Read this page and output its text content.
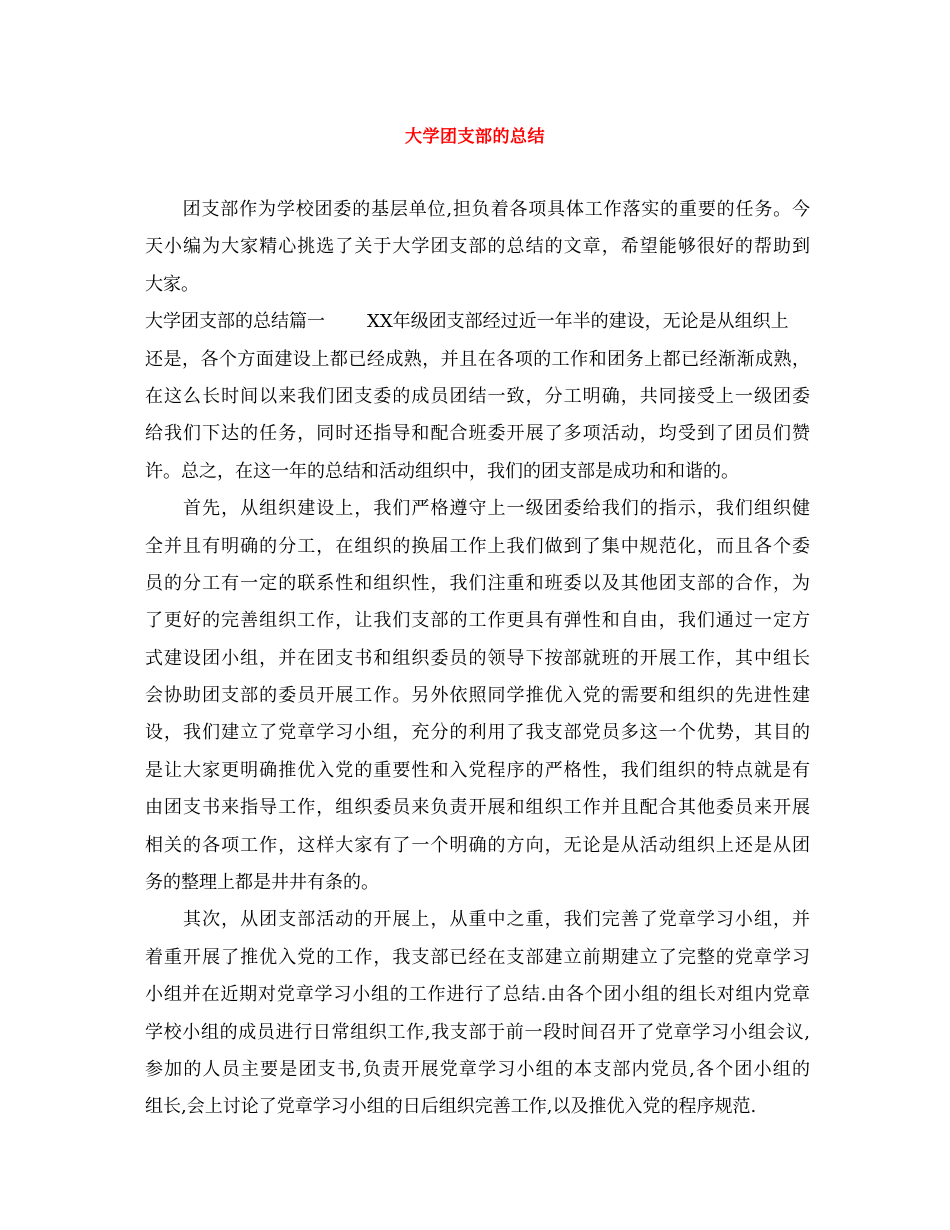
大学团支部的总结
　　团支部作为学校团委的基层单位,担负着各项具体工作落实的重要的任务。今
天小编为大家精心挑选了关于大学团支部的总结的文章，希望能够很好的帮助到
大家。
大学团支部的总结篇一 XX年级团支部经过近一年半的建设，无论是从组织上
还是，各个方面建设上都已经成熟，并且在各项的工作和团务上都已经渐渐成熟，
在这么长时间以来我们团支委的成员团结一致，分工明确，共同接受上一级团委
给我们下达的任务，同时还指导和配合班委开展了多项活动，均受到了团员们赞
许。总之，在这一年的总结和活动组织中，我们的团支部是成功和和谐的。
　　首先，从组织建设上，我们严格遵守上一级团委给我们的指示，我们组织健
全并且有明确的分工，在组织的换届工作上我们做到了集中规范化，而且各个委
员的分工有一定的联系性和组织性，我们注重和班委以及其他团支部的合作，为
了更好的完善组织工作，让我们支部的工作更具有弹性和自由，我们通过一定方
式建设团小组，并在团支书和组织委员的领导下按部就班的开展工作，其中组长
会协助团支部的委员开展工作。另外依照同学推优入党的需要和组织的先进性建
设，我们建立了党章学习小组，充分的利用了我支部党员多这一个优势，其目的
是让大家更明确推优入党的重要性和入党程序的严格性，我们组织的特点就是有
由团支书来指导工作，组织委员来负责开展和组织工作并且配合其他委员来开展
相关的各项工作，这样大家有了一个明确的方向，无论是从活动组织上还是从团
务的整理上都是井井有条的。
　　其次，从团支部活动的开展上，从重中之重，我们完善了党章学习小组，并
着重开展了推优入党的工作，我支部已经在支部建立前期建立了完整的党章学习
小组并在近期对党章学习小组的工作进行了总结.由各个团小组的组长对组内党章
学校小组的成员进行日常组织工作,我支部于前一段时间召开了党章学习小组会议,
参加的人员主要是团支书,负责开展党章学习小组的本支部内党员,各个团小组的
组长,会上讨论了党章学习小组的日后组织完善工作,以及推优入党的程序规范.
